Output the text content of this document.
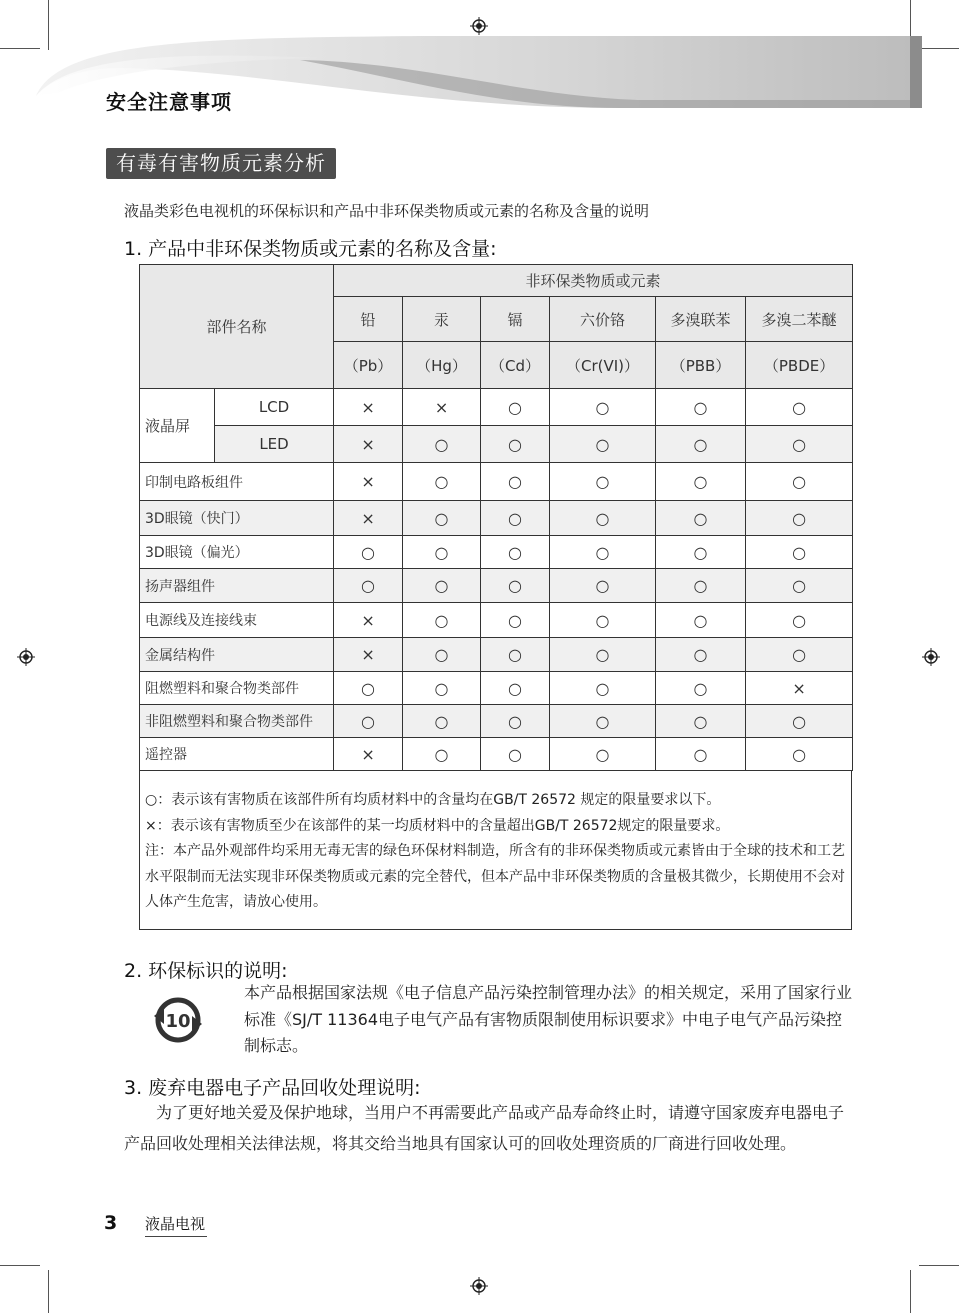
安全注意事项
有毒有害物质元素分析
液晶类彩色电视机的环保标识和产品中非环保类物质或元素的名称及含量的说明
1. 产品中非环保类物质或元素的名称及含量:
部件名称		非环保类物质或元素					
		铅	汞	镉	六价铬	多溴联苯	多溴二苯醚
		（Pb）	（Hg）	（Cd）	（Cr(VI)）	（PBB）	（PBDE）
液晶屏	LCD	×	×	○	○	○	○
	LED	×	○	○	○	○	○
印制电路板组件		×	○	○	○	○	○
3D眼镜（快门）		×	○	○	○	○	○
3D眼镜（偏光）		○	○	○	○	○	○
扬声器组件		○	○	○	○	○	○
电源线及连接线束		×	○	○	○	○	○
金属结构件		×	○	○	○	○	○
阻燃塑料和聚合物类部件		○	○	○	○	○	×
非阻燃塑料和聚合物类部件		○	○	○	○	○	○
遥控器		×	○	○	○	○	○
○：表示该有害物质在该部件所有均质材料中的含量均在GB/T 26572 规定的限量要求以下。
×：表示该有害物质至少在该部件的某一均质材料中的含量超出GB/T 26572规定的限量要求。
注：本产品外观部件均采用无毒无害的绿色环保材料制造，所含有的非环保类物质或元素皆由于全球的技术和工艺水平限制而无法实现非环保类物质或元素的完全替代，但本产品中非环保类物质的含量极其微少，长期使用不会对人体产生危害，请放心使用。
2. 环保标识的说明:
10
本产品根据国家法规《电子信息产品污染控制管理办法》的相关规定，采用了国家行业标准《SJ/T 11364电子电气产品有害物质限制使用标识要求》中电子电气产品污染控制标志。
3. 废弃电器电子产品回收处理说明:
为了更好地关爱及保护地球，当用户不再需要此产品或产品寿命终止时，请遵守国家废弃电器电子产品回收处理相关法律法规，将其交给当地具有国家认可的回收处理资质的厂商进行回收处理。
3 液晶电视
